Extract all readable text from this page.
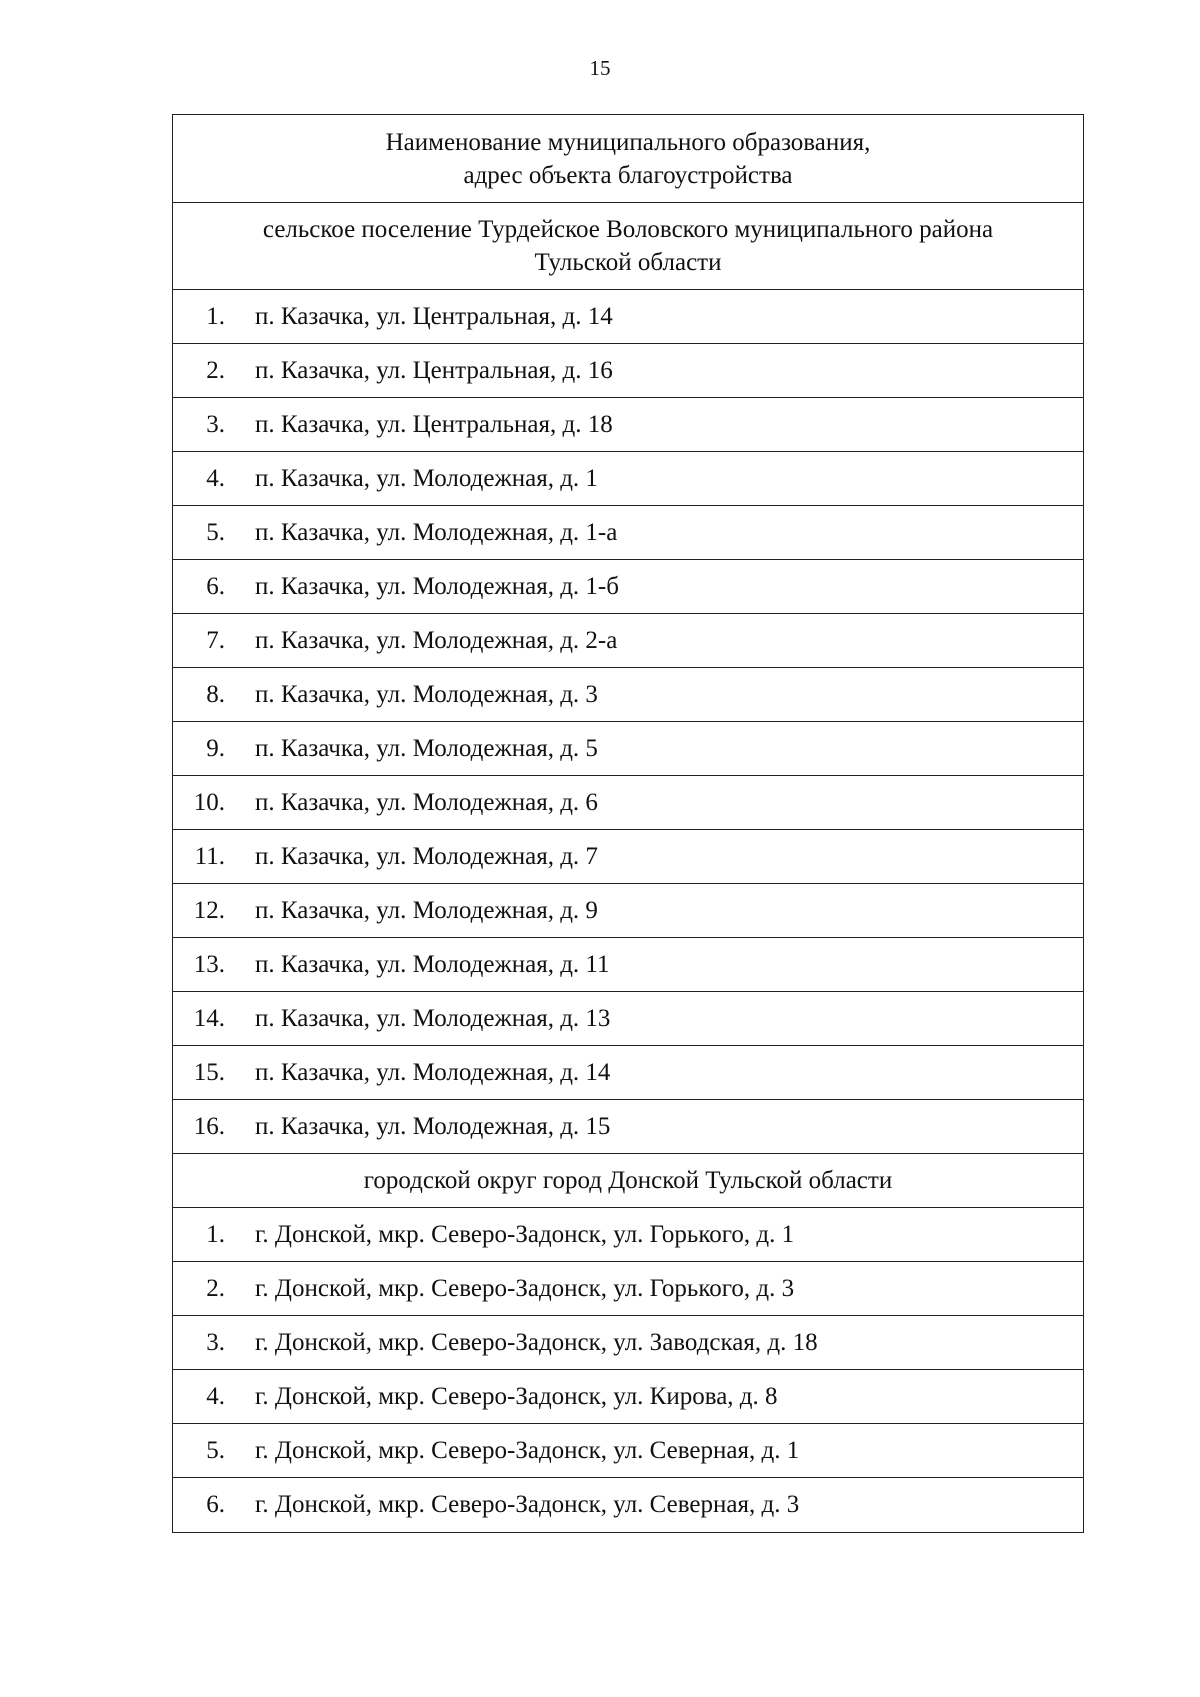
15
Наименование муниципального образования,
адрес объекта благоустройства
сельское поселение Турдейское Воловского муниципального района
Тульской области
1.	п. Казачка, ул. Центральная, д. 14
2.	п. Казачка, ул. Центральная, д. 16
3.	п. Казачка, ул. Центральная, д. 18
4.	п. Казачка, ул. Молодежная, д. 1
5.	п. Казачка, ул. Молодежная, д. 1-а
6.	п. Казачка, ул. Молодежная, д. 1-б
7.	п. Казачка, ул. Молодежная, д. 2-а
8.	п. Казачка, ул. Молодежная, д. 3
9.	п. Казачка, ул. Молодежная, д. 5
10.	п. Казачка, ул. Молодежная, д. 6
11.	п. Казачка, ул. Молодежная, д. 7
12.	п. Казачка, ул. Молодежная, д. 9
13.	п. Казачка, ул. Молодежная, д. 11
14.	п. Казачка, ул. Молодежная, д. 13
15.	п. Казачка, ул. Молодежная, д. 14
16.	п. Казачка, ул. Молодежная, д. 15
городской округ город Донской Тульской области
1.	г. Донской, мкр. Северо-Задонск, ул. Горького, д. 1
2.	г. Донской, мкр. Северо-Задонск, ул. Горького, д. 3
3.	г. Донской, мкр. Северо-Задонск, ул. Заводская, д. 18
4.	г. Донской, мкр. Северо-Задонск, ул. Кирова, д. 8
5.	г. Донской, мкр. Северо-Задонск, ул. Северная, д. 1
6.	г. Донской, мкр. Северо-Задонск, ул. Северная, д. 3
